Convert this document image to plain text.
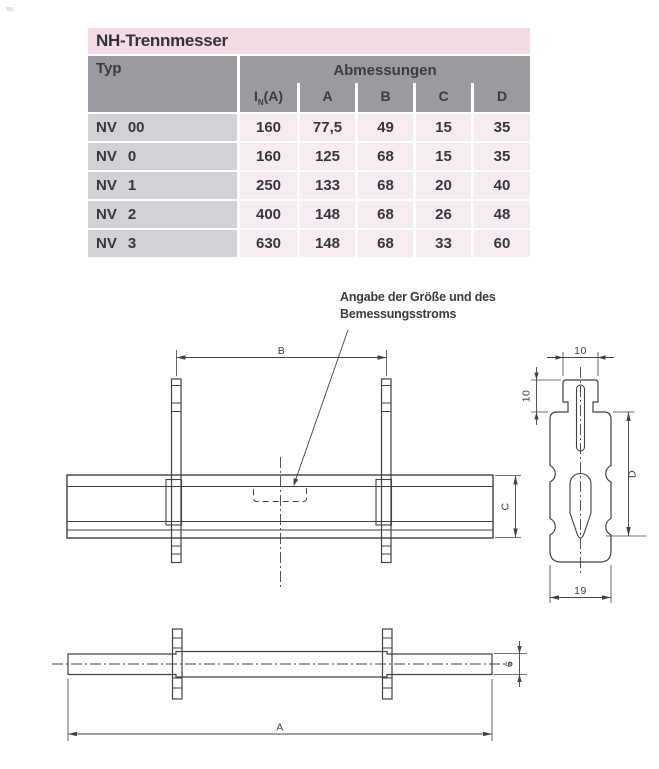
B
C
10
10
D
19
A
6
Angabe der Größe und des
Bemessungsstroms
NH-Trennmesser
Typ	Abmessungen
$I_N(A)$	A	B	C	D
NV 00	160	77,5	49	15	35
NV 0	160	125	68	15	35
NV 1	250	133	68	20	40
NV 2	400	148	68	26	48
NV 3	630	148	68	33	60
